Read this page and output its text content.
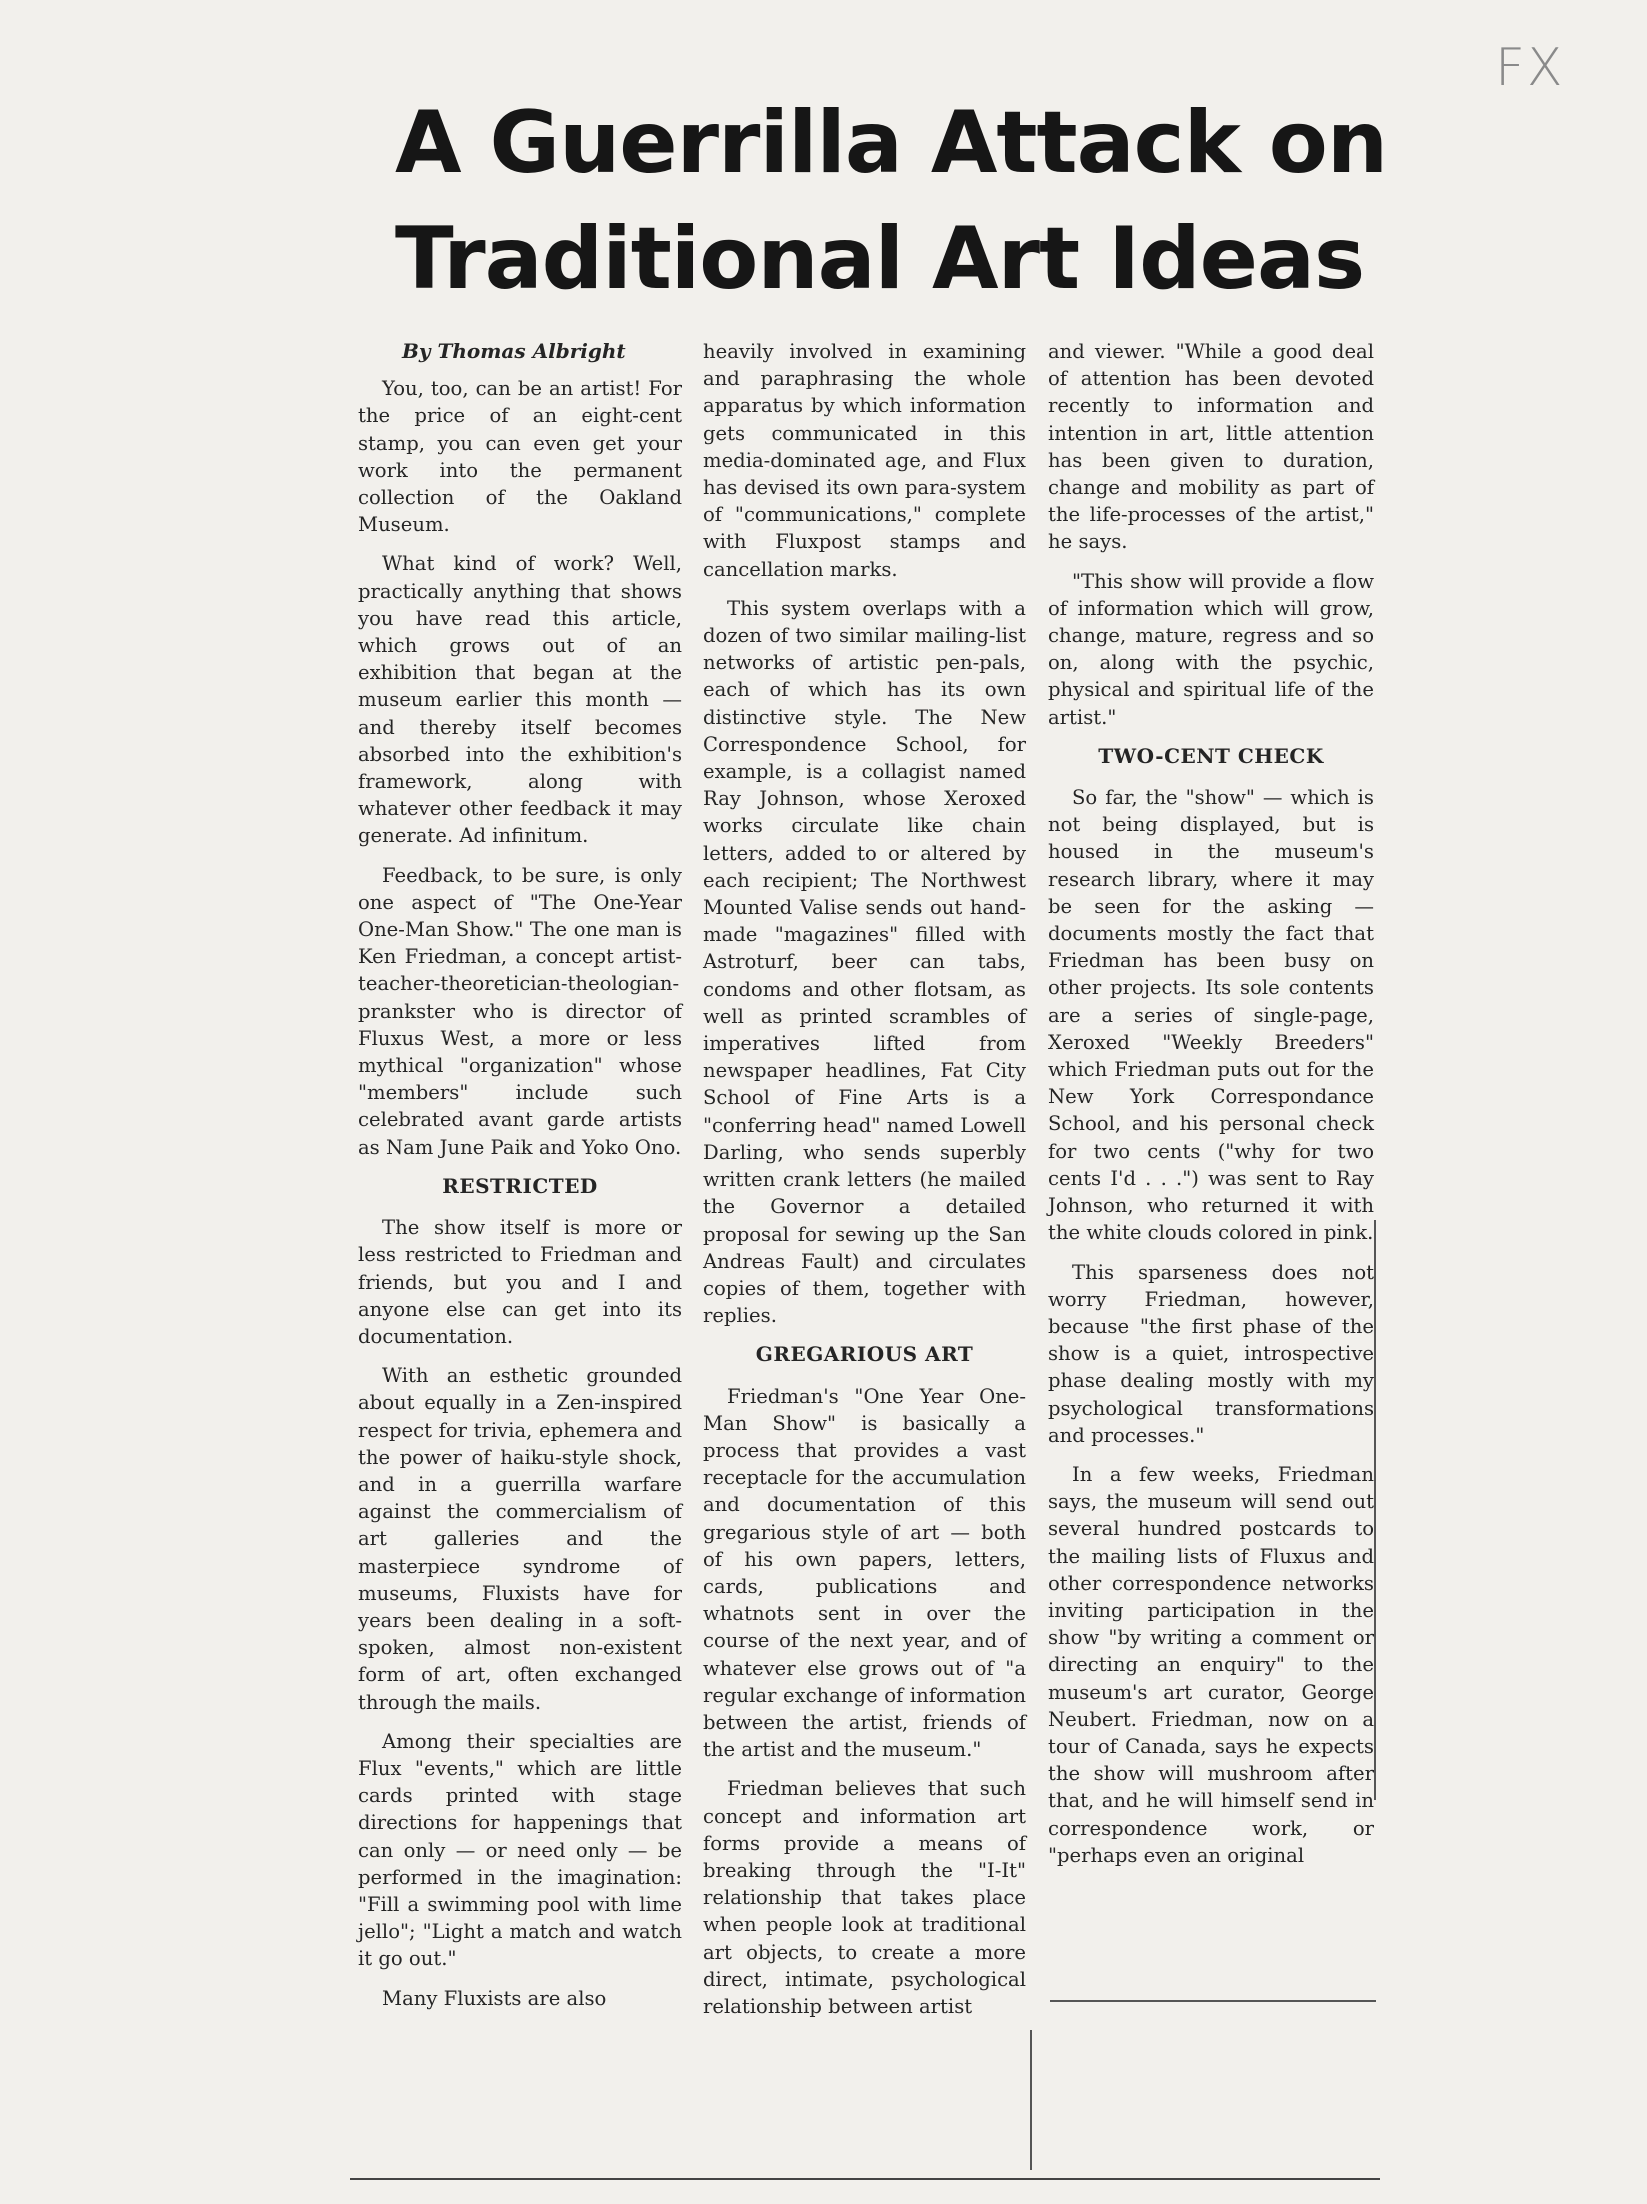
FX
A Guerrilla Attack on
Traditional Art Ideas
By Thomas Albright

You, too, can be an artist! For the price of an eight-cent stamp, you can even get your work into the permanent collection of the Oakland Museum.

What kind of work? Well, practically anything that shows you have read this article, which grows out of an exhibition that began at the museum earlier this month — and thereby itself becomes absorbed into the exhibition's framework, along with whatever other feedback it may generate. Ad infinitum.

Feedback, to be sure, is only one aspect of "The One-Year One-Man Show." The one man is Ken Friedman, a concept artist-teacher-theoretician-theologian-prankster who is director of Fluxus West, a more or less mythical "organization" whose "members" include such celebrated avant garde artists as Nam June Paik and Yoko Ono.

RESTRICTED

The show itself is more or less restricted to Friedman and friends, but you and I and anyone else can get into its documentation.

With an esthetic grounded about equally in a Zen-inspired respect for trivia, ephemera and the power of haiku-style shock, and in a guerrilla warfare against the commercialism of art galleries and the masterpiece syndrome of museums, Fluxists have for years been dealing in a soft-spoken, almost non-existent form of art, often exchanged through the mails.

Among their specialties are Flux "events," which are little cards printed with stage directions for happenings that can only — or need only — be performed in the imagination: "Fill a swimming pool with lime jello"; "Light a match and watch it go out."

Many Fluxists are also

heavily involved in examining and paraphrasing the whole apparatus by which information gets communicated in this media-dominated age, and Flux has devised its own para-system of "communications," complete with Fluxpost stamps and cancellation marks.

This system overlaps with a dozen of two similar mailing-list networks of artistic pen-pals, each of which has its own distinctive style. The New Correspondence School, for example, is a collagist named Ray Johnson, whose Xeroxed works circulate like chain letters, added to or altered by each recipient; The Northwest Mounted Valise sends out hand-made "magazines" filled with Astroturf, beer can tabs, condoms and other flotsam, as well as printed scrambles of imperatives lifted from newspaper headlines, Fat City School of Fine Arts is a "conferring head" named Lowell Darling, who sends superbly written crank letters (he mailed the Governor a detailed proposal for sewing up the San Andreas Fault) and circulates copies of them, together with replies.

GREGARIOUS ART

Friedman's "One Year One-Man Show" is basically a process that provides a vast receptacle for the accumulation and documentation of this gregarious style of art — both of his own papers, letters, cards, publications and whatnots sent in over the course of the next year, and of whatever else grows out of "a regular exchange of information between the artist, friends of the artist and the museum."

Friedman believes that such concept and information art forms provide a means of breaking through the "I-It" relationship that takes place when people look at traditional art objects, to create a more direct, intimate, psychological relationship between artist

and viewer. "While a good deal of attention has been devoted recently to information and intention in art, little attention has been given to duration, change and mobility as part of the life-processes of the artist," he says.

"This show will provide a flow of information which will grow, change, mature, regress and so on, along with the psychic, physical and spiritual life of the artist."

TWO-CENT CHECK

So far, the "show" — which is not being displayed, but is housed in the museum's research library, where it may be seen for the asking — documents mostly the fact that Friedman has been busy on other projects. Its sole contents are a series of single-page, Xeroxed "Weekly Breeders" which Friedman puts out for the New York Correspondance School, and his personal check for two cents ("why for two cents I'd . . .") was sent to Ray Johnson, who returned it with the white clouds colored in pink.

This sparseness does not worry Friedman, however, because "the first phase of the show is a quiet, introspective phase dealing mostly with my psychological transformations and processes."

In a few weeks, Friedman says, the museum will send out several hundred postcards to the mailing lists of Fluxus and other correspondence networks inviting participation in the show "by writing a comment or directing an enquiry" to the museum's art curator, George Neubert. Friedman, now on a tour of Canada, says he expects the show will mushroom after that, and he will himself send in correspondence work, or "perhaps even an original
